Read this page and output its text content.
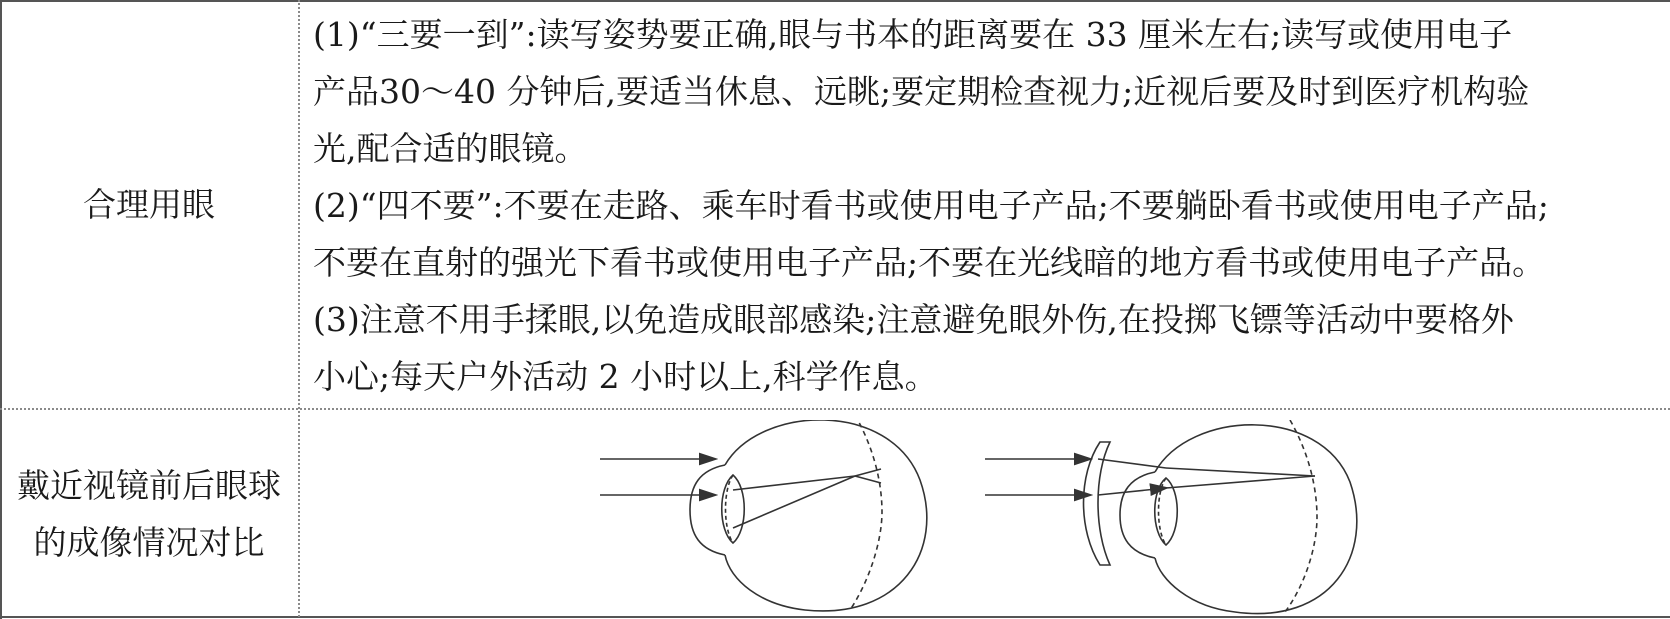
合理用眼

(1)“三要一到”:读写姿势要正确,眼与书本的距离要在 33 厘米左右;读写或使用电子

产品30～40 分钟后,要适当休息、远眺;要定期检查视力;近视后要及时到医疗机构验

光,配合适的眼镜。

(2)“四不要”:不要在走路、乘车时看书或使用电子产品;不要躺卧看书或使用电子产品;

不要在直射的强光下看书或使用电子产品;不要在光线暗的地方看书或使用电子产品。

(3)注意不用手揉眼,以免造成眼部感染;注意避免眼外伤,在投掷飞镖等活动中要格外

小心;每天户外活动 2 小时以上,科学作息。

戴近视镜前后眼球
的成像情况对比
